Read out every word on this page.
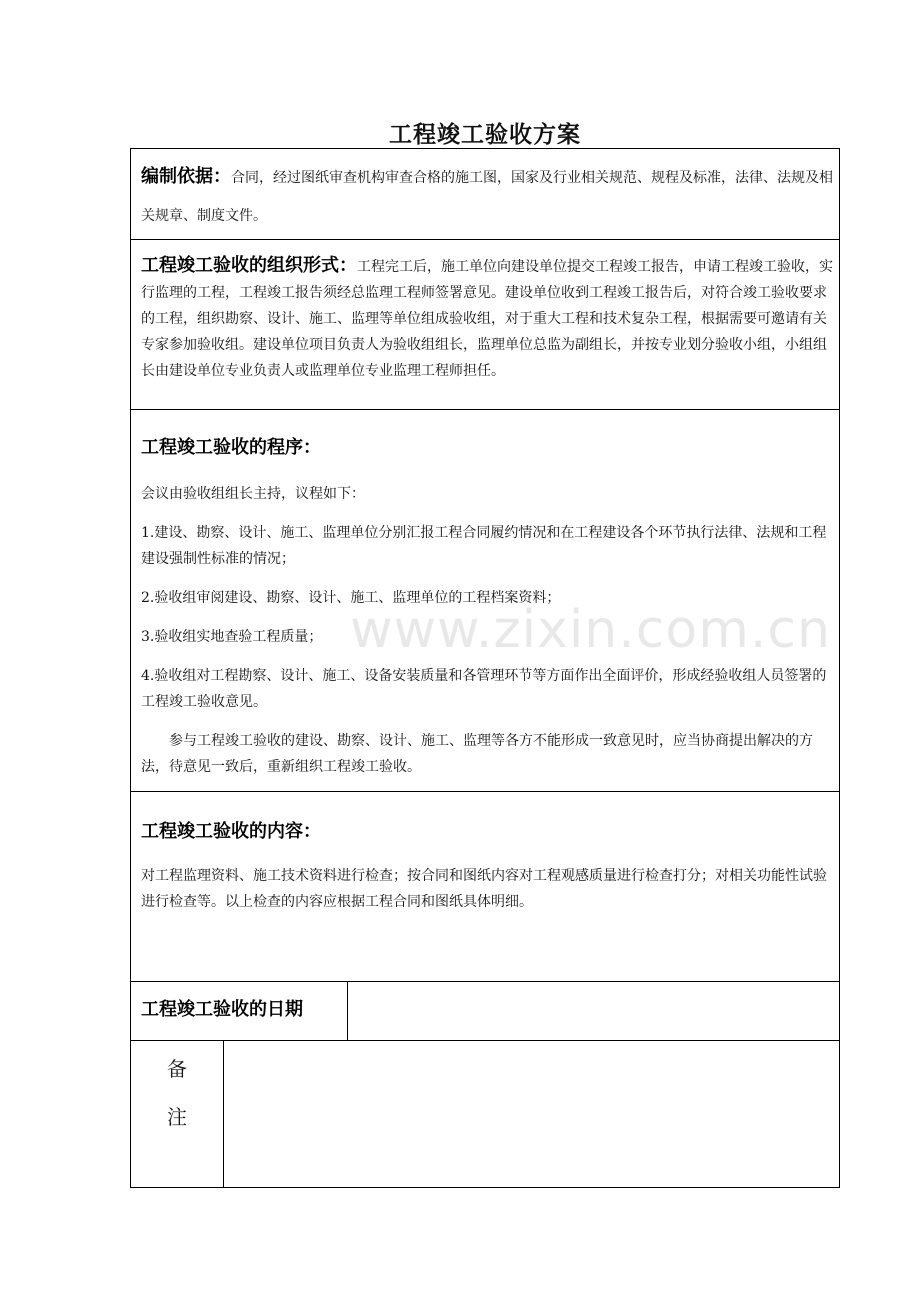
工程竣工验收方案
www.zixin.com.cn

编制依据：合同，经过图纸审查机构审查合格的施工图，国家及行业相关规范、规程及标准，法律、法规及相关规章、制度文件。

工程竣工验收的组织形式：工程完工后，施工单位向建设单位提交工程竣工报告，申请工程竣工验收，实行监理的工程，工程竣工报告须经总监理工程师签署意见。建设单位收到工程竣工报告后，对符合竣工验收要求的工程，组织勘察、设计、施工、监理等单位组成验收组，对于重大工程和技术复杂工程，根据需要可邀请有关专家参加验收组。建设单位项目负责人为验收组组长，监理单位总监为副组长，并按专业划分验收小组，小组组长由建设单位专业负责人或监理单位专业监理工程师担任。

工程竣工验收的程序：

会议由验收组组长主持，议程如下：

1.建设、勘察、设计、施工、监理单位分别汇报工程合同履约情况和在工程建设各个环节执行法律、法规和工程建设强制性标准的情况；

2.验收组审阅建设、勘察、设计、施工、监理单位的工程档案资料；

3.验收组实地查验工程质量；

4.验收组对工程勘察、设计、施工、设备安装质量和各管理环节等方面作出全面评价，形成经验收组人员签署的工程竣工验收意见。

参与工程竣工验收的建设、勘察、设计、施工、监理等各方不能形成一致意见时，应当协商提出解决的方法，待意见一致后，重新组织工程竣工验收。

工程竣工验收的内容：

对工程监理资料、施工技术资料进行检查；按合同和图纸内容对工程观感质量进行检查打分；对相关功能性试验进行检查等。以上检查的内容应根据工程合同和图纸具体明细。

工程竣工验收的日期
备
注
